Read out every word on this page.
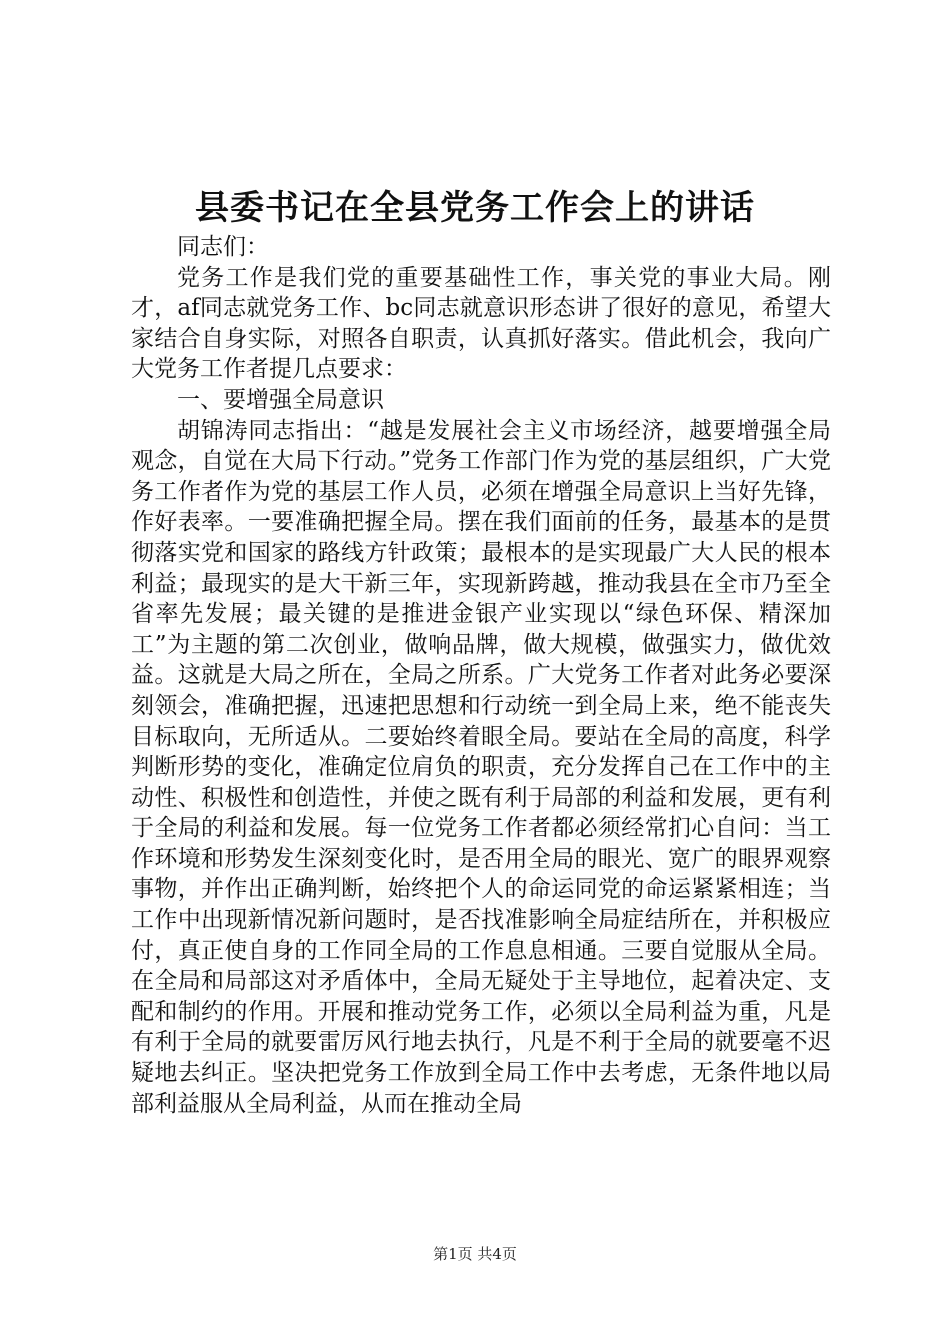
县委书记在全县党务工作会上的讲话

同志们：

党务工作是我们党的重要基础性工作，事关党的事业大局。刚才，af同志就党务工作、bc同志就意识形态讲了很好的意见，希望大家结合自身实际，对照各自职责，认真抓好落实。借此机会，我向广大党务工作者提几点要求：

一、要增强全局意识

胡锦涛同志指出：“越是发展社会主义市场经济，越要增强全局观念，自觉在大局下行动。”党务工作部门作为党的基层组织，广大党务工作者作为党的基层工作人员，必须在增强全局意识上当好先锋，作好表率。一要准确把握全局。摆在我们面前的任务，最基本的是贯彻落实党和国家的路线方针政策；最根本的是实现最广大人民的根本利益；最现实的是大干新三年，实现新跨越，推动我县在全市乃至全省率先发展；最关键的是推进金银产业实现以“绿色环保、精深加工”为主题的第二次创业，做响品牌，做大规模，做强实力，做优效益。这就是大局之所在，全局之所系。广大党务工作者对此务必要深刻领会，准确把握，迅速把思想和行动统一到全局上来，绝不能丧失目标取向，无所适从。二要始终着眼全局。要站在全局的高度，科学判断形势的变化，准确定位肩负的职责，充分发挥自己在工作中的主动性、积极性和创造性，并使之既有利于局部的利益和发展，更有利于全局的利益和发展。每一位党务工作者都必须经常扪心自问：当工作环境和形势发生深刻变化时，是否用全局的眼光、宽广的眼界观察事物，并作出正确判断，始终把个人的命运同党的命运紧紧相连；当工作中出现新情况新问题时，是否找准影响全局症结所在，并积极应付，真正使自身的工作同全局的工作息息相通。三要自觉服从全局。在全局和局部这对矛盾体中，全局无疑处于主导地位，起着决定、支配和制约的作用。开展和推动党务工作，必须以全局利益为重，凡是有利于全局的就要雷厉风行地去执行，凡是不利于全局的就要毫不迟疑地去纠正。坚决把党务工作放到全局工作中去考虑，无条件地以局部利益服从全局利益，从而在推动全局

第1页 共4页
